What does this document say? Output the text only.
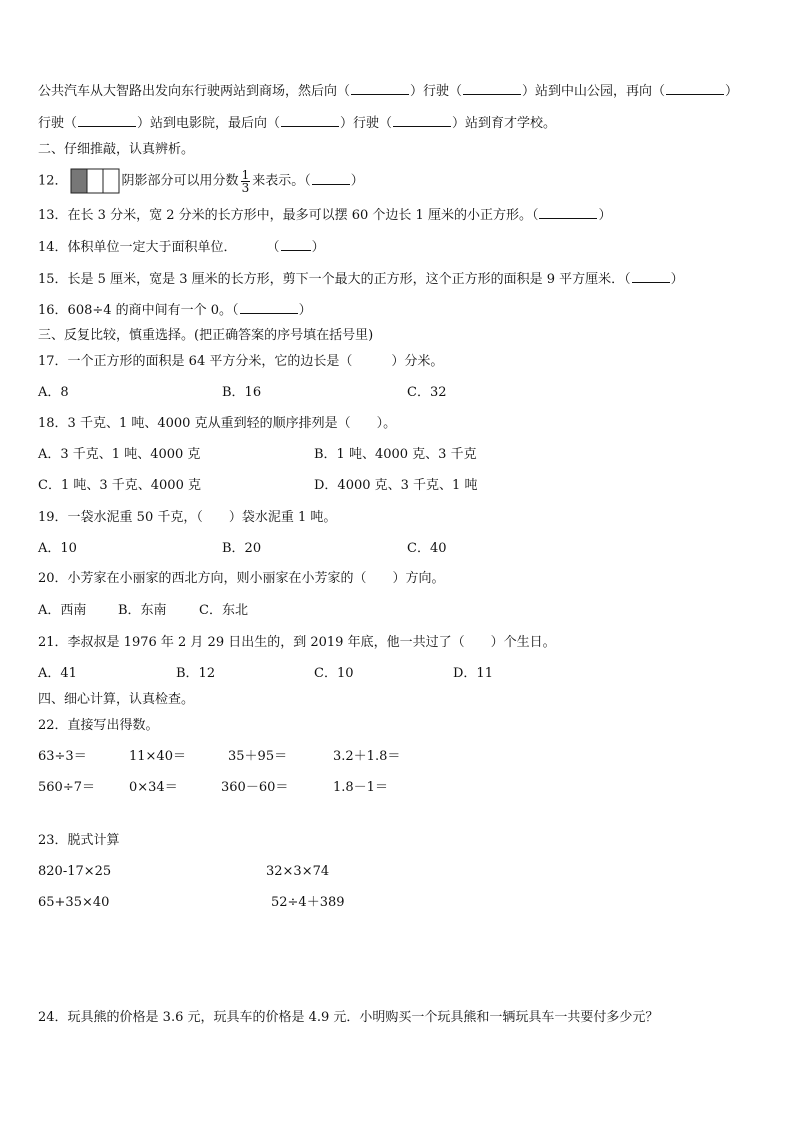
公共汽车从大智路出发向东行驶两站到商场，然后向（	）行驶（	）站到中山公园，再向（	）
行驶（	）站到电影院，最后向（	）行驶（	）站到育才学校。
二、仔细推敲，认真辨析。
12．	阴影部分可以用分数 $\frac{1}{3}$ 来表示。（	）
13．在长 3 分米，宽 2 分米的长方形中，最多可以摆 60 个边长 1 厘米的小正方形。（	）
14．体积单位一定大于面积单位． （ ）
15．长是 5 厘米，宽是 3 厘米的长方形，剪下一个最大的正方形，这个正方形的面积是 9 平方厘米．（	）
16．608÷4 的商中间有一个 0。（	）
三、反复比较，慎重选择。(把正确答案的序号填在括号里)
17．一个正方形的面积是 64 平方分米，它的边长是（　　　）分米。
A．8	B．16	C．32
18．3 千克、1 吨、4000 克从重到轻的顺序排列是（　　）。
A．3 千克、1 吨、4000 克	B．1 吨、4000 克、3 千克
C．1 吨、3 千克、4000 克	D．4000 克、3 千克、1 吨
19．一袋水泥重 50 千克，（　　）袋水泥重 1 吨。
A．10	B．20	C．40
20．小芳家在小丽家的西北方向，则小丽家在小芳家的（　　）方向。
A．西南 B．东南 C．东北
21．李叔叔是 1976 年 2 月 29 日出生的，到 2019 年底，他一共过了（　　）个生日。
A．41	B．12	C．10	D．11
四、细心计算，认真检查。
22．直接写出得数。
63÷3＝	11×40＝	35＋95＝	3.2＋1.8＝
560÷7＝	0×34＝	360－60＝	1.8－1＝
23．脱式计算
820-17×25	32×3×74
65+35×40	52÷4＋389
24．玩具熊的价格是 3.6 元，玩具车的价格是 4.9 元．小明购买一个玩具熊和一辆玩具车一共要付多少元？
